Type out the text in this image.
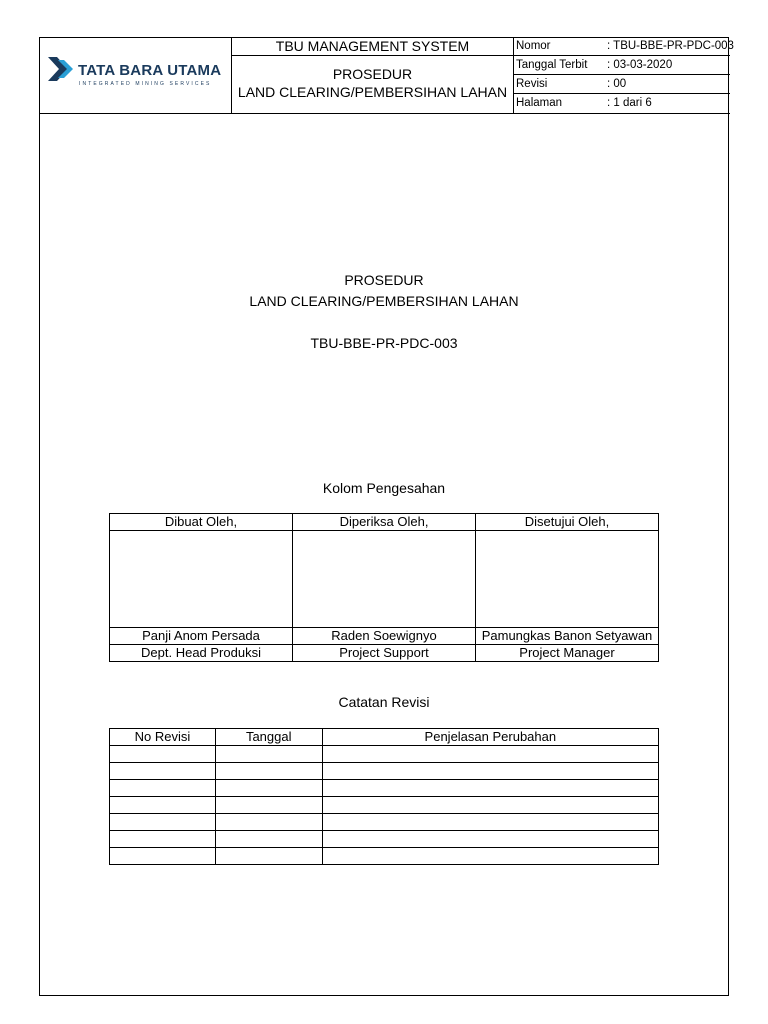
TATA BARA UTAMA
INTEGRATED MINING SERVICES
TBU MANAGEMENT SYSTEM
PROSEDUR
LAND CLEARING/PEMBERSIHAN LAHAN
Nomor	: TBU-BBE-PR-PDC-003
Tanggal Terbit : 03-03-2020
Revisi	: 00
Halaman	: 1 dari 6
PROSEDUR
LAND CLEARING/PEMBERSIHAN LAHAN
TBU-BBE-PR-PDC-003
Kolom Pengesahan
Dibuat Oleh,	Diperiksa Oleh,	Disetujui Oleh,

Panji Anom Persada	Raden Soewignyo	Pamungkas Banon Setyawan
Dept. Head Produksi	Project Support	Project Manager
Catatan Revisi
No Revisi	Tanggal	Penjelasan Perubahan
